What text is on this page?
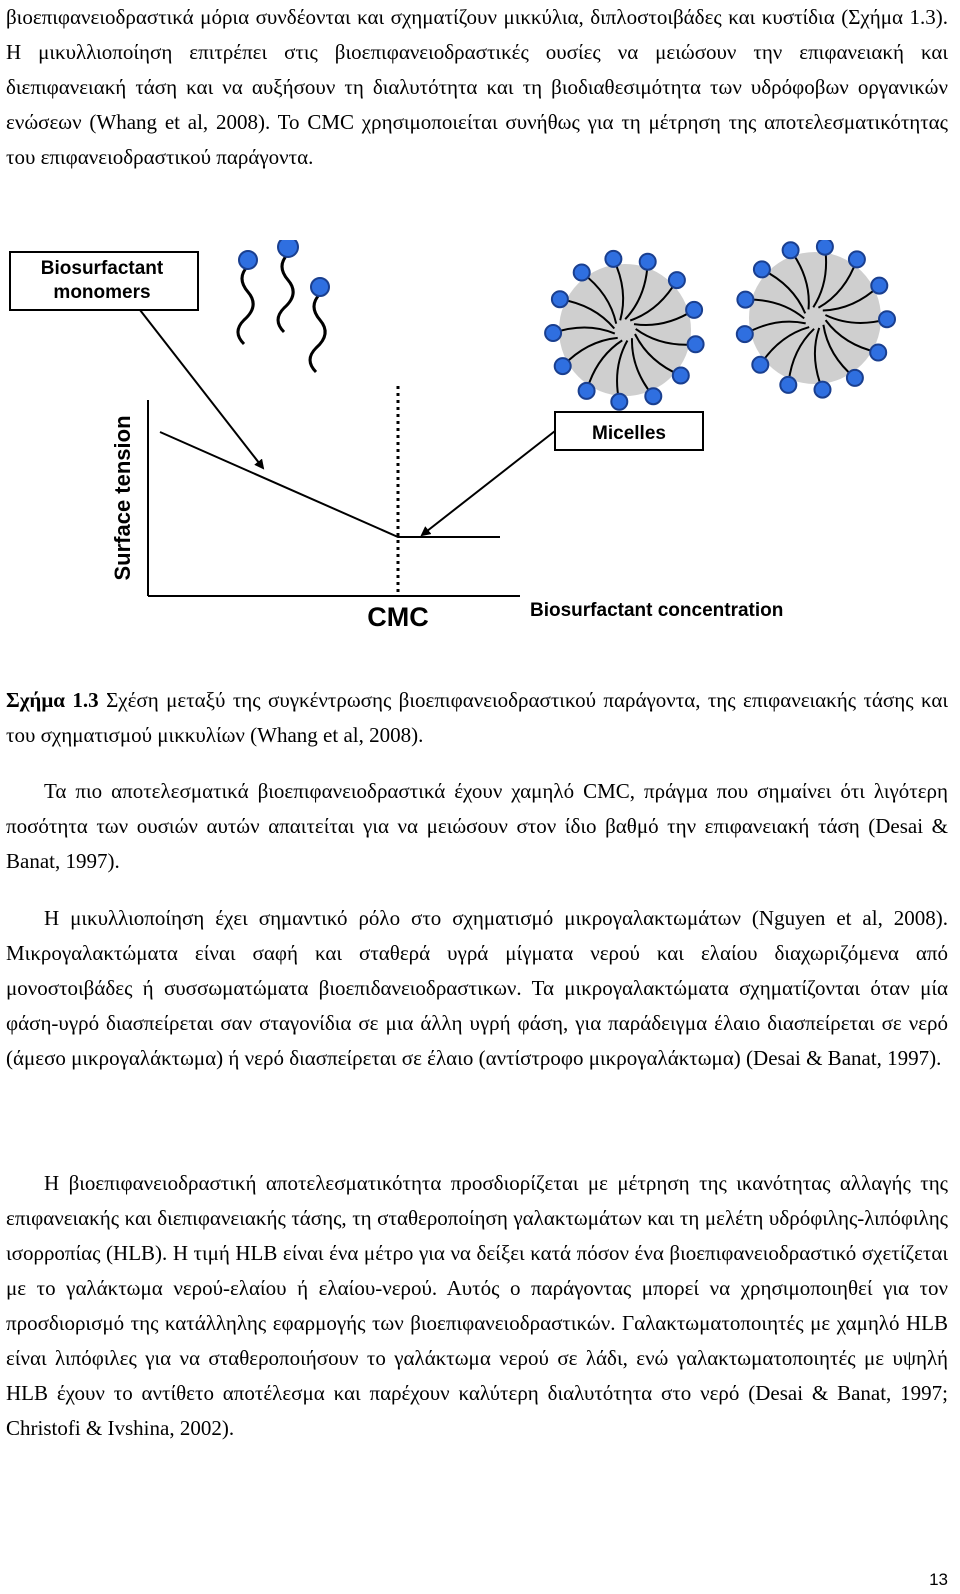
βιοεπιφανειοδραστικά μόρια συνδέονται και σχηματίζουν μικκύλια, διπλοστοιβάδες και κυστίδια (Σχήμα 1.3). Η μικυλλιοποίηση επιτρέπει στις βιοεπιφανειοδραστικές ουσίες να μειώσουν την επιφανειακή και διεπιφανειακή τάση και να αυξήσουν τη διαλυτότητα και τη βιοδιαθεσιμότητα των υδρόφοβων οργανικών ενώσεων (Whang et al, 2008). Το CMC χρησιμοποιείται συνήθως για τη μέτρηση της αποτελεσματικότητας του επιφανειοδραστικού παράγοντα.

Biosurfactant
monomers
Surface tension
Biosurfactant concentration
CMC
Micelles

Σχήμα 1.3 Σχέση μεταξύ της συγκέντρωσης βιοεπιφανειοδραστικού παράγοντα, της επιφανειακής τάσης και του σχηματισμού μικκυλίων (Whang et al, 2008).

Τα πιο αποτελεσματικά βιοεπιφανειοδραστικά έχουν χαμηλό CMC, πράγμα που σημαίνει ότι λιγότερη ποσότητα των ουσιών αυτών απαιτείται για να μειώσουν στον ίδιο βαθμό την επιφανειακή τάση (Desai & Banat, 1997).

Η μικυλλιοποίηση έχει σημαντικό ρόλο στο σχηματισμό μικρογαλακτωμάτων (Nguyen et al, 2008). Μικρογαλακτώματα είναι σαφή και σταθερά υγρά μίγματα νερού και ελαίου διαχωριζόμενα από μονοστοιβάδες ή συσσωματώματα βιοεπιδανειοδραστικων. Τα μικρογαλακτώματα σχηματίζονται όταν μία φάση-υγρό διασπείρεται σαν σταγονίδια σε μια άλλη υγρή φάση, για παράδειγμα έλαιο διασπείρεται σε νερό (άμεσο μικρογαλάκτωμα) ή νερό διασπείρεται σε έλαιο (αντίστροφο μικρογαλάκτωμα) (Desai & Banat, 1997).

Η βιοεπιφανειοδραστική αποτελεσματικότητα προσδιορίζεται με μέτρηση της ικανότητας αλλαγής της επιφανειακής και διεπιφανειακής τάσης, τη σταθεροποίηση γαλακτωμάτων και τη μελέτη υδρόφιλης-λιπόφιλης ισορροπίας (HLB). Η τιμή HLB είναι ένα μέτρο για να δείξει κατά πόσον ένα βιοεπιφανειοδραστικό σχετίζεται με το γαλάκτωμα νερού-ελαίου ή ελαίου-νερού. Αυτός ο παράγοντας μπορεί να χρησιμοποιηθεί για τον προσδιορισμό της κατάλληλης εφαρμογής των βιοεπιφανειοδραστικών. Γαλακτωματοποιητές με χαμηλό HLB είναι λιπόφιλες για να σταθεροποιήσουν το γαλάκτωμα νερού σε λάδι, ενώ γαλακτωματοποιητές με υψηλή HLB έχουν το αντίθετο αποτέλεσμα και παρέχουν καλύτερη διαλυτότητα στο νερό (Desai & Banat, 1997; Christofi & Ivshina, 2002).

13
